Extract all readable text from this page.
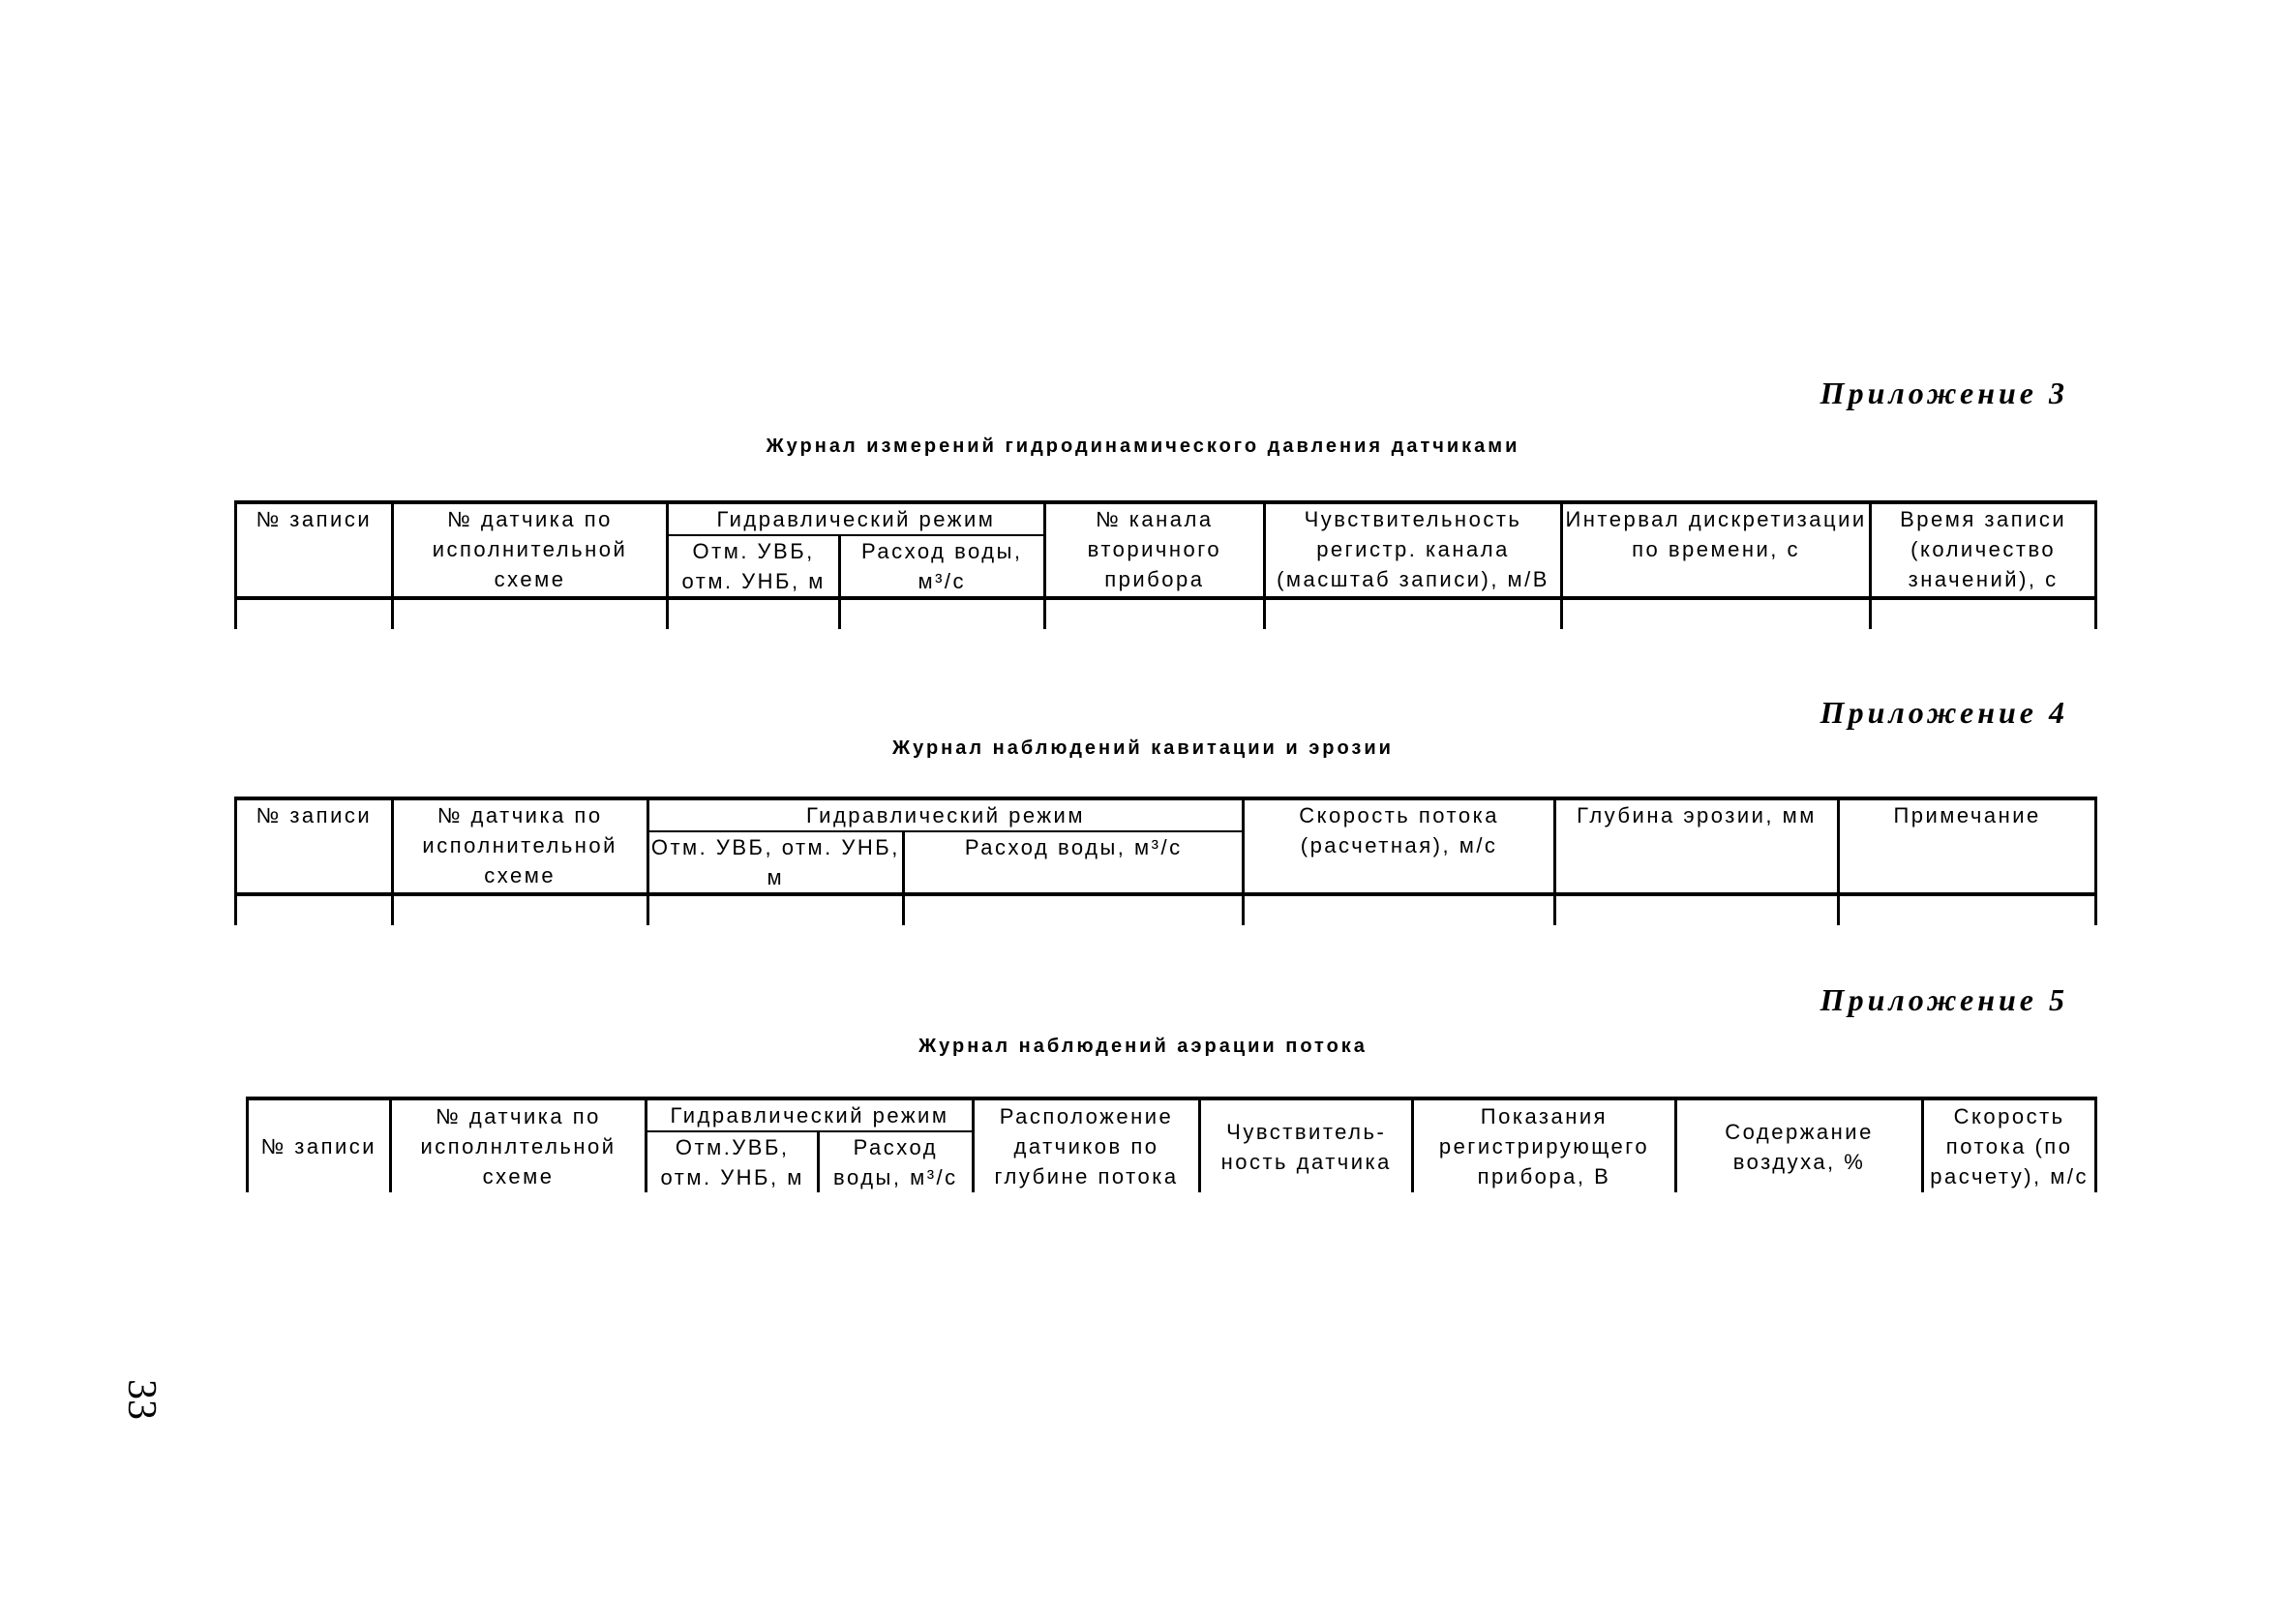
Приложение 3
Журнал измерений гидродинамического давления датчиками
№ записи	№ датчика по исполнительной схеме	Гидравлический режим		№ канала вторичного прибора	Чувствительность регистр. канала (масштаб записи), м/В	Интервал дискретизации по времени, с	Время записи (количество значений), с
		Отм. УВБ, отм. УНБ, м	Расход воды, м³/с				

Приложение 4
Журнал наблюдений кавитации и эрозии
№ записи	№ датчика по исполнительной схеме	Гидравлический режим		Скорость потока (расчетная), м/с	Глубина эрозии, мм	Примечание
		Отм. УВБ, отм. УНБ, м	Расход воды, м³/с			

Приложение 5
Журнал наблюдений аэрации потока
№ записи	№ датчика по исполнлтельной схеме	Гидравлический режим		Расположение датчиков по глубине потока	Чувствитель-ность датчика	Показания регистрирующего прибора, В	Содержание воздуха, %	Скорость потока (по расчету), м/с
		Отм.УВБ, отм. УНБ, м	Расход воды, м³/с					
33
